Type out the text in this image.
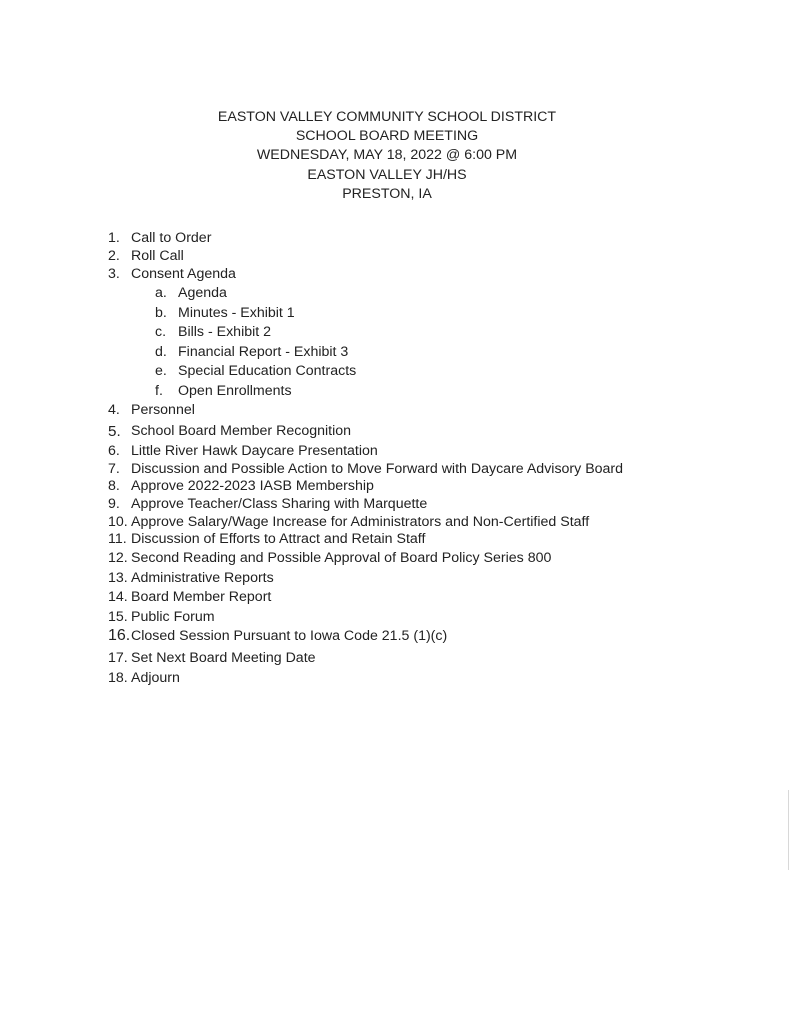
EASTON VALLEY COMMUNITY SCHOOL DISTRICT
SCHOOL BOARD MEETING
WEDNESDAY, MAY 18, 2022 @ 6:00 PM
EASTON VALLEY JH/HS
PRESTON, IA
1. Call to Order
2. Roll Call
3. Consent Agenda
a. Agenda
b. Minutes - Exhibit 1
c. Bills - Exhibit 2
d. Financial Report - Exhibit 3
e. Special Education Contracts
f. Open Enrollments
4. Personnel
5. School Board Member Recognition
6. Little River Hawk Daycare Presentation
7. Discussion and Possible Action to Move Forward with Daycare Advisory Board
8. Approve 2022-2023 IASB Membership
9. Approve Teacher/Class Sharing with Marquette
10. Approve Salary/Wage Increase for Administrators and Non-Certified Staff
11. Discussion of Efforts to Attract and Retain Staff
12. Second Reading and Possible Approval of Board Policy Series 800
13. Administrative Reports
14. Board Member Report
15. Public Forum
16. Closed Session Pursuant to Iowa Code 21.5 (1)(c)
17. Set Next Board Meeting Date
18. Adjourn
